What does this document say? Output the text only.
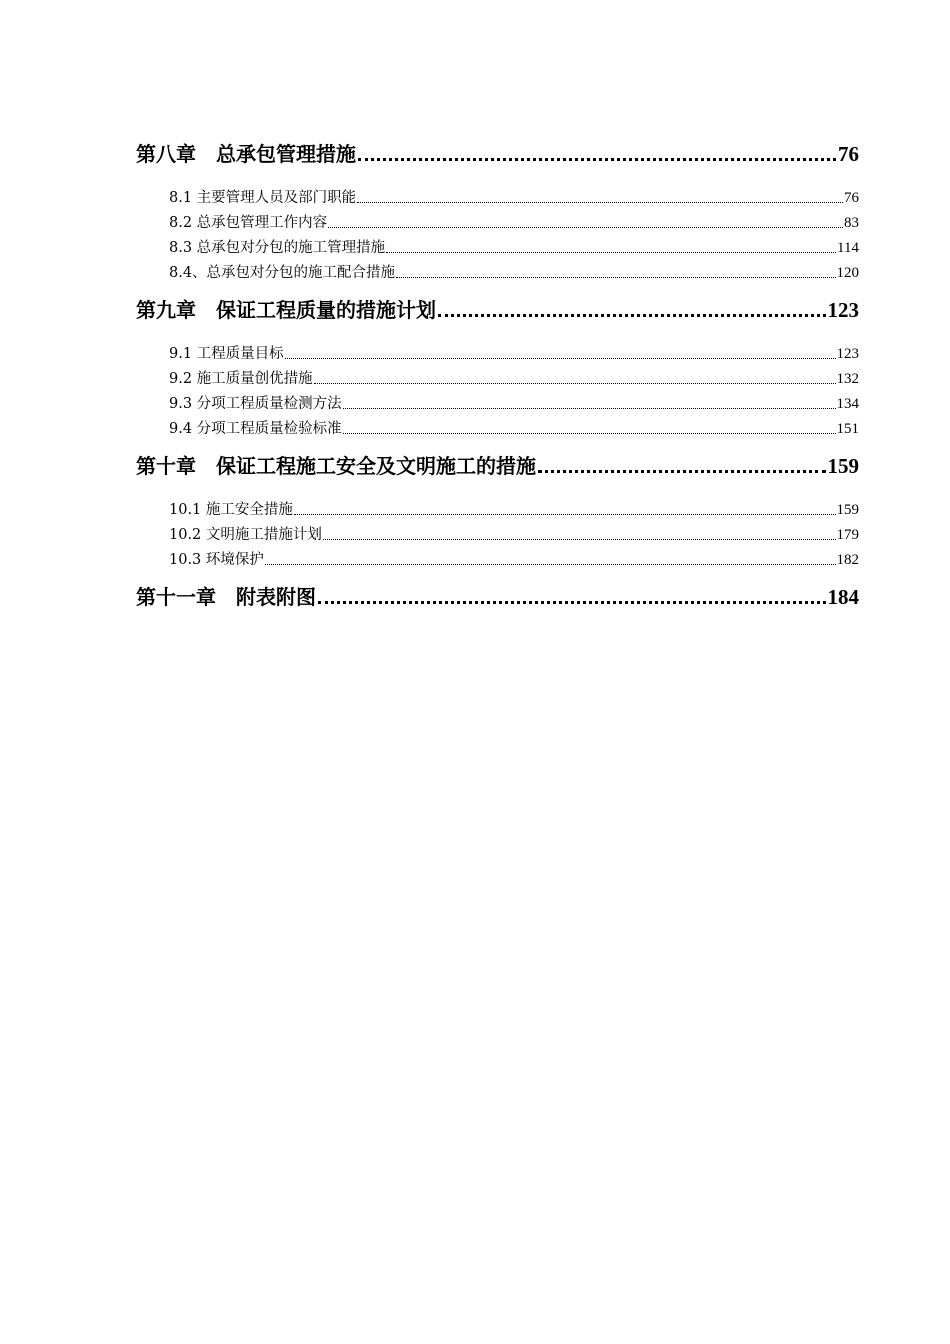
第八章　总承包管理措施	76
8.1 主要管理人员及部门职能	76
8.2 总承包管理工作内容	83
8.3 总承包对分包的施工管理措施	114
8.4、总承包对分包的施工配合措施	120
第九章　保证工程质量的措施计划	123
9.1 工程质量目标	123
9.2 施工质量创优措施	132
9.3 分项工程质量检测方法	134
9.4 分项工程质量检验标准	151
第十章　保证工程施工安全及文明施工的措施	159
10.1 施工安全措施	159
10.2 文明施工措施计划	179
10.3 环境保护	182
第十一章　附表附图	184
